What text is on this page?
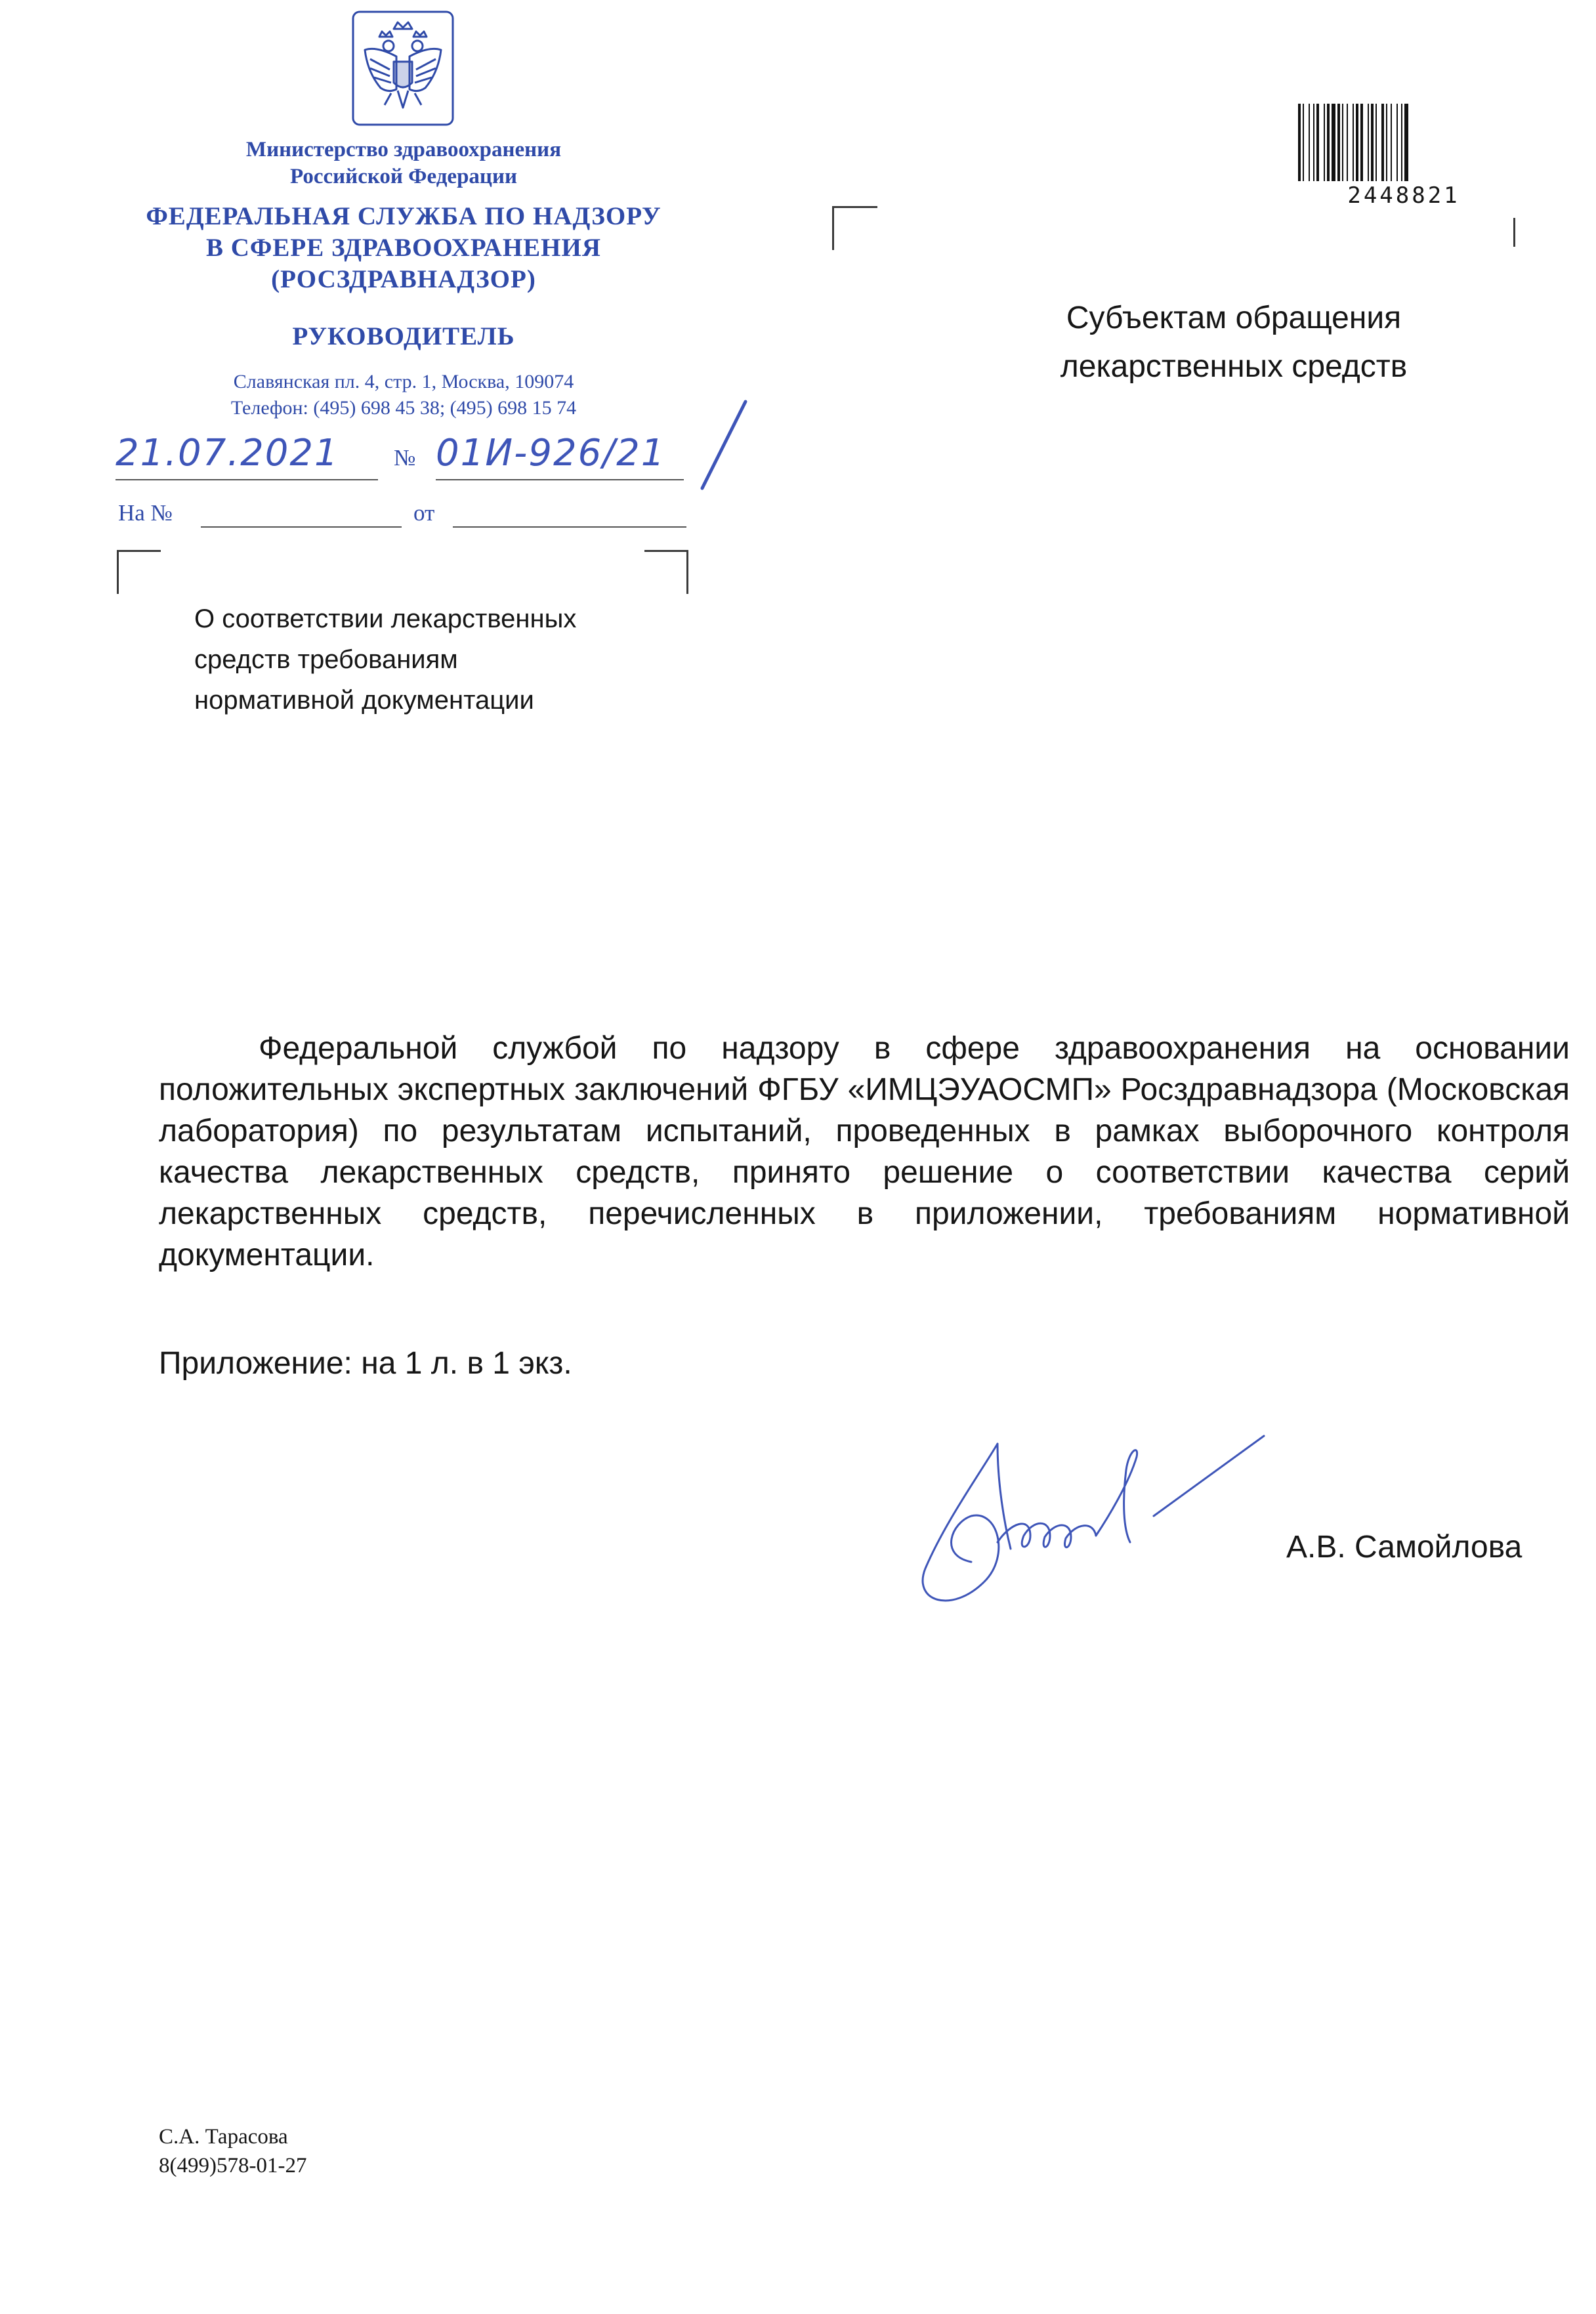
Министерство здравоохранения
Российской Федерации
ФЕДЕРАЛЬНАЯ СЛУЖБА ПО НАДЗОРУ
В СФЕРЕ ЗДРАВООХРАНЕНИЯ
(РОСЗДРАВНАДЗОР)
РУКОВОДИТЕЛЬ
Славянская пл. 4, стр. 1, Москва, 109074
Телефон: (495) 698 45 38; (495) 698 15 74
21.07.2021 № 01И-926/21
На №	от
О соответствии лекарственных
средств требованиям
нормативной документации
Субъектам обращения
лекарственных средств
2448821

Федеральной службой по надзору в сфере здравоохранения на основании положительных экспертных заключений ФГБУ «ИМЦЭУАОСМП» Росздравнадзора (Московская лаборатория) по результатам испытаний, проведенных в рамках выборочного контроля качества лекарственных средств, принято решение о соответствии качества серий лекарственных средств, перечисленных в приложении, требованиям нормативной документации.

Приложение: на 1 л. в 1 экз.
А.В. Самойлова
С.А. Тарасова
8(499)578-01-27
